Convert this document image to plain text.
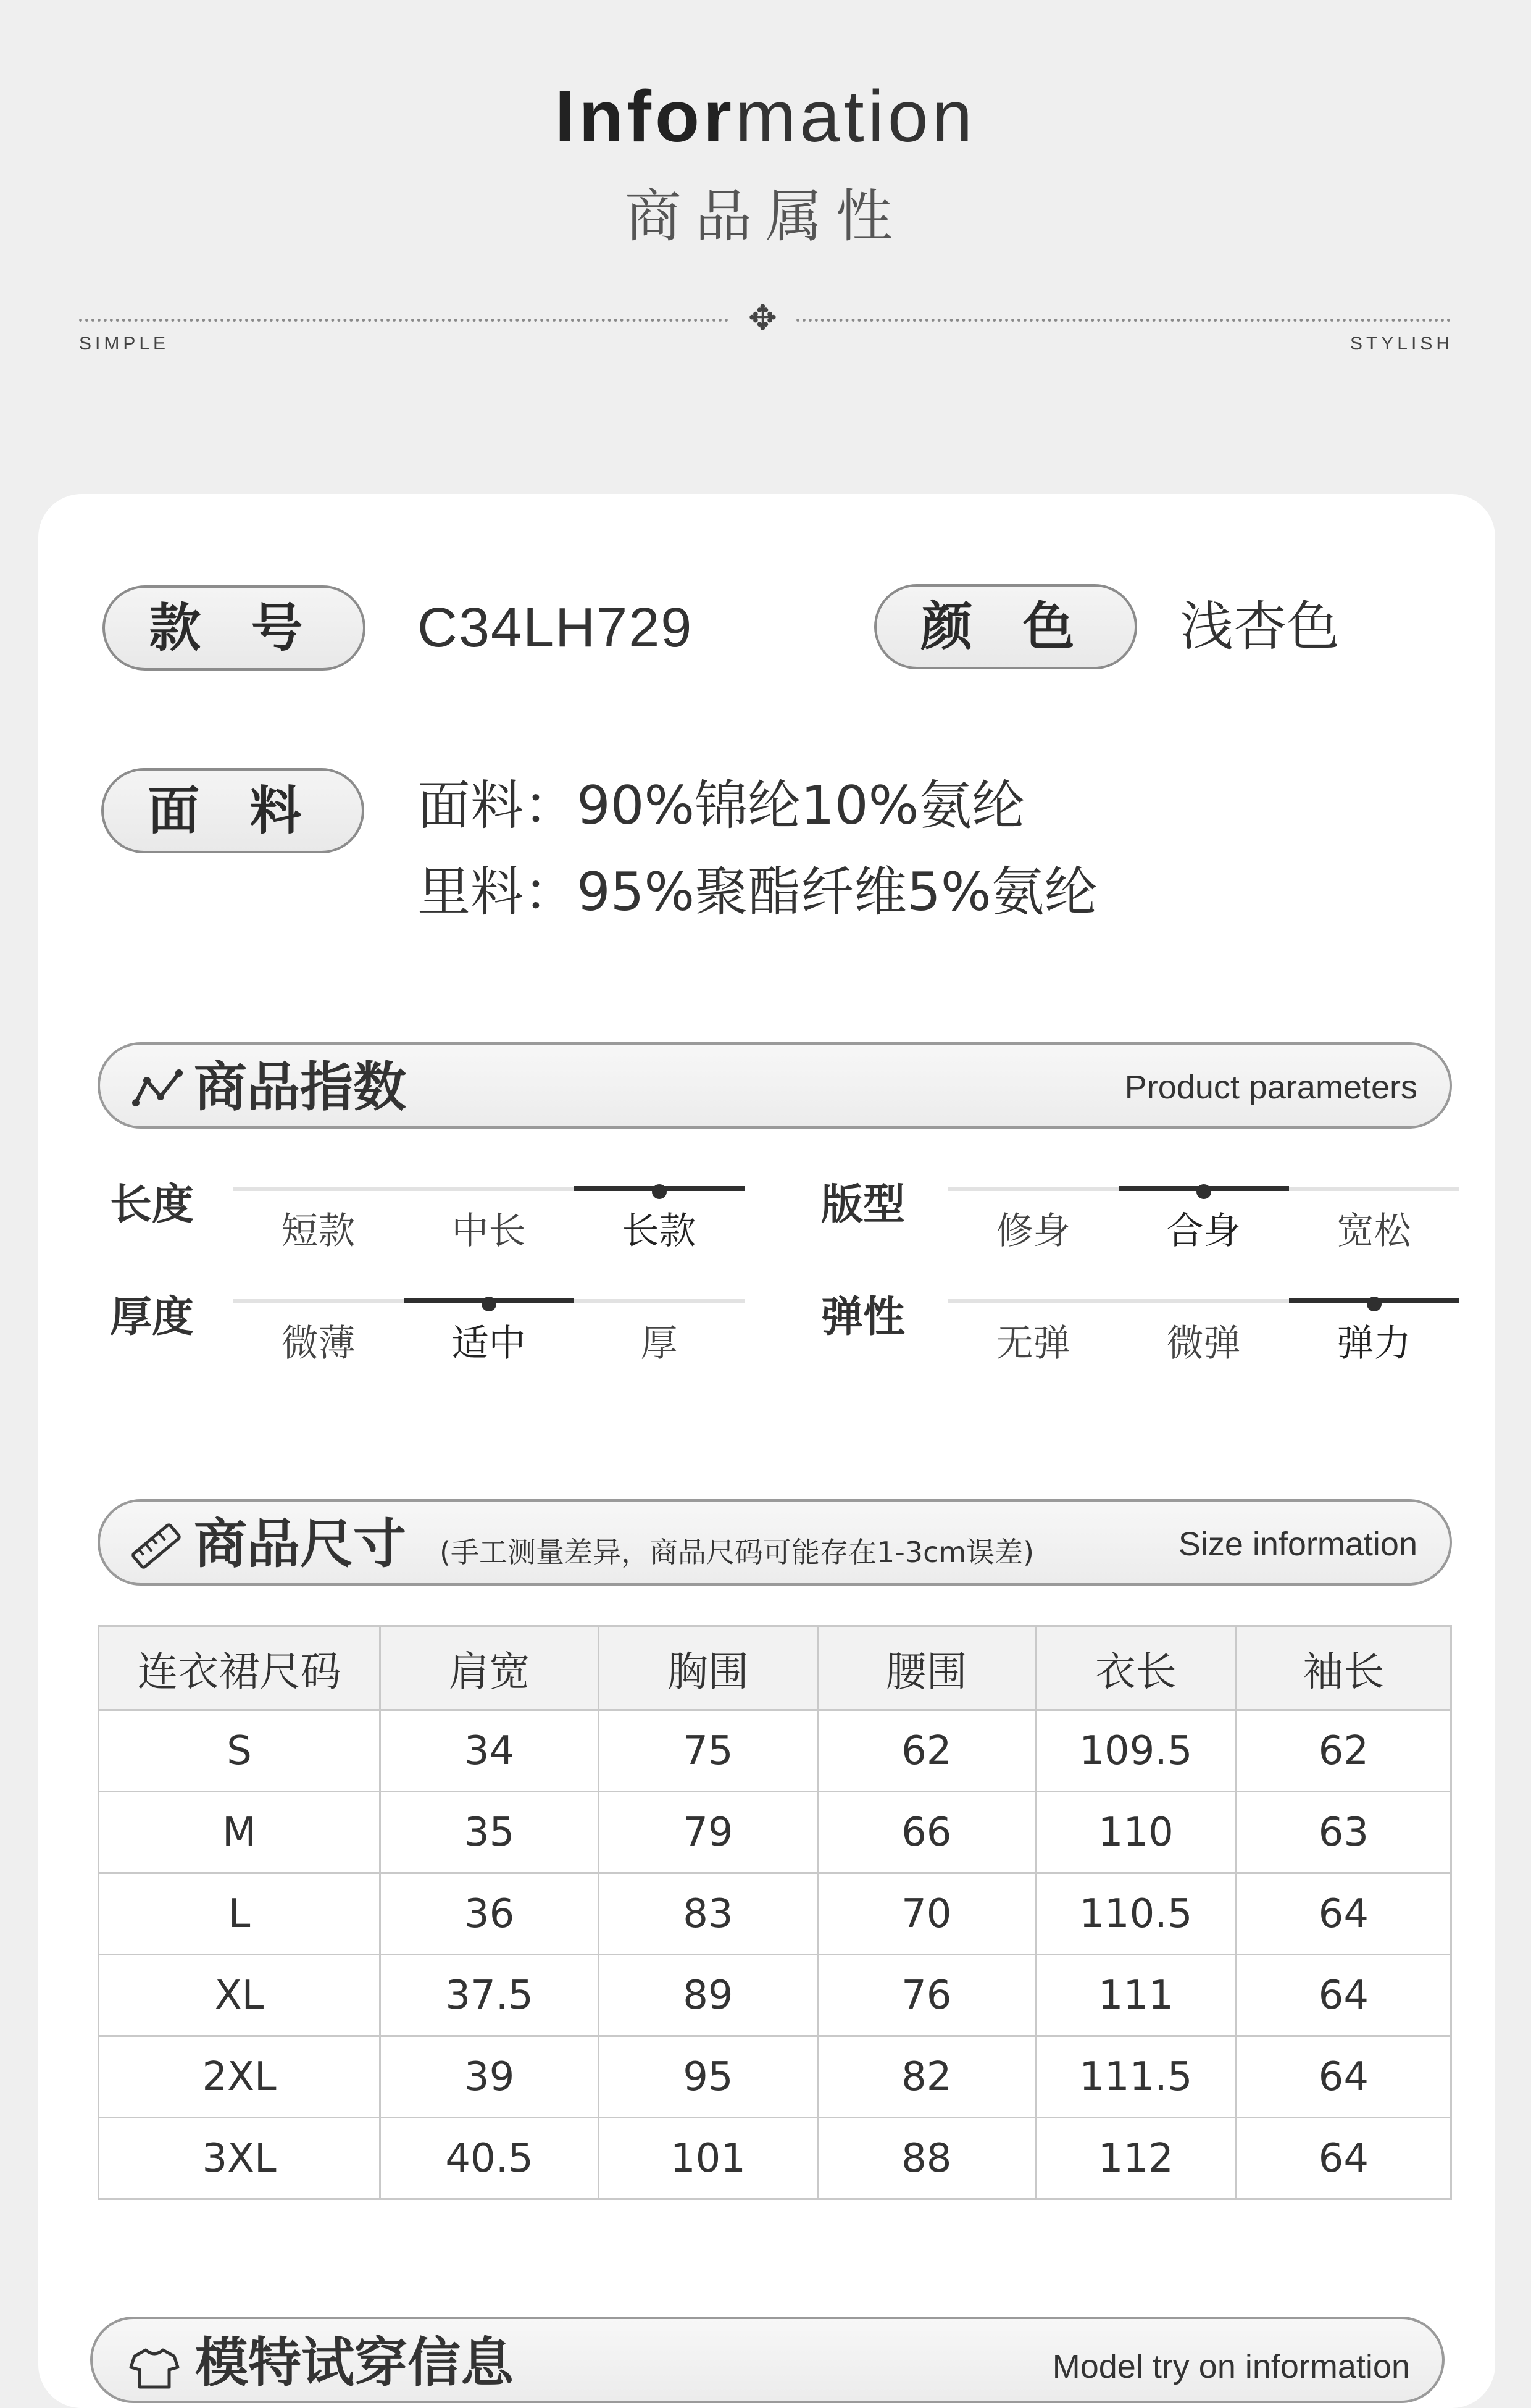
Information
商品属性
✥
SIMPLE	STYLISH
款 号	C34LH729	颜 色	浅杏色
面 料	面料：90%锦纶10%氨纶
里料：95%聚酯纤维5%氨纶
商品指数	Product parameters
长度
短款	中长	长款
版型
修身	合身	宽松
厚度
微薄	适中	厚
弹性
无弹	微弹	弹力
商品尺寸 (手工测量差异，商品尺码可能存在1-3cm误差)	Size information
连衣裙尺码	肩宽	胸围	腰围	衣长	袖长
S	34	75	62	109.5	62
M	35	79	66	110	63
L	36	83	70	110.5	64
XL	37.5	89	76	111	64
2XL	39	95	82	111.5	64
3XL	40.5	101	88	112	64
模特试穿信息	Model try on information
